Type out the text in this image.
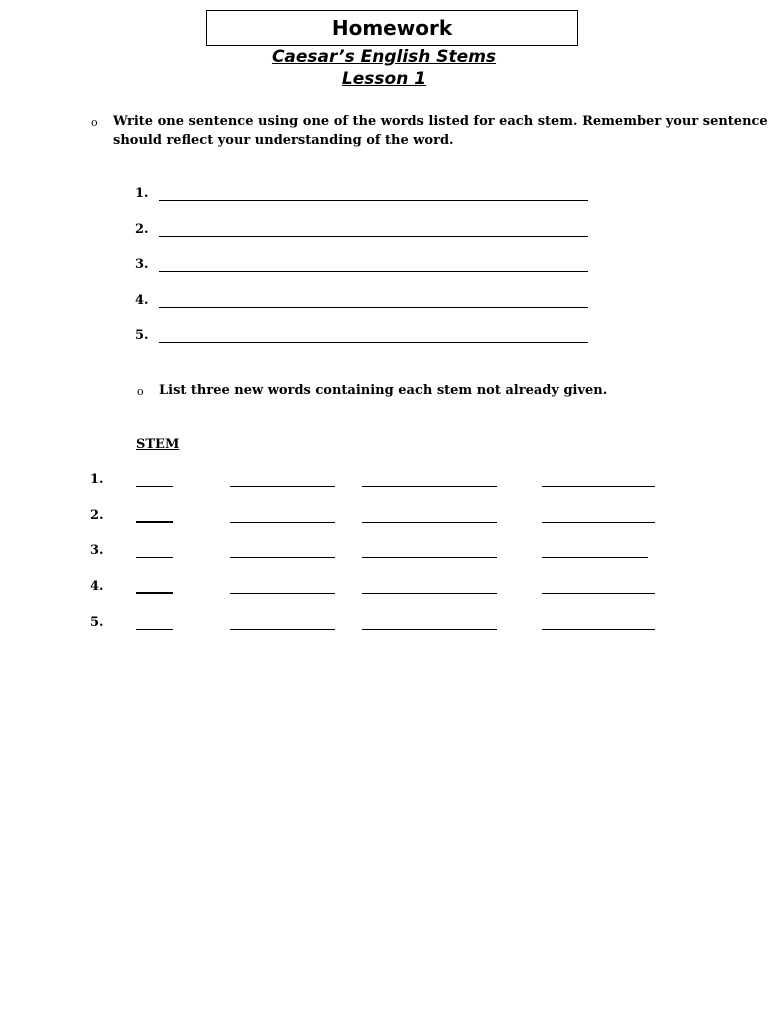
Homework
Caesar’s English Stems
Lesson 1
o Write one sentence using one of the words listed for each stem. Remember your sentence
should reflect your understanding of the word.
1.
2.
3.
4.
5.
o List three new words containing each stem not already given.
STEM
1.
2.
3.
4.
5.
